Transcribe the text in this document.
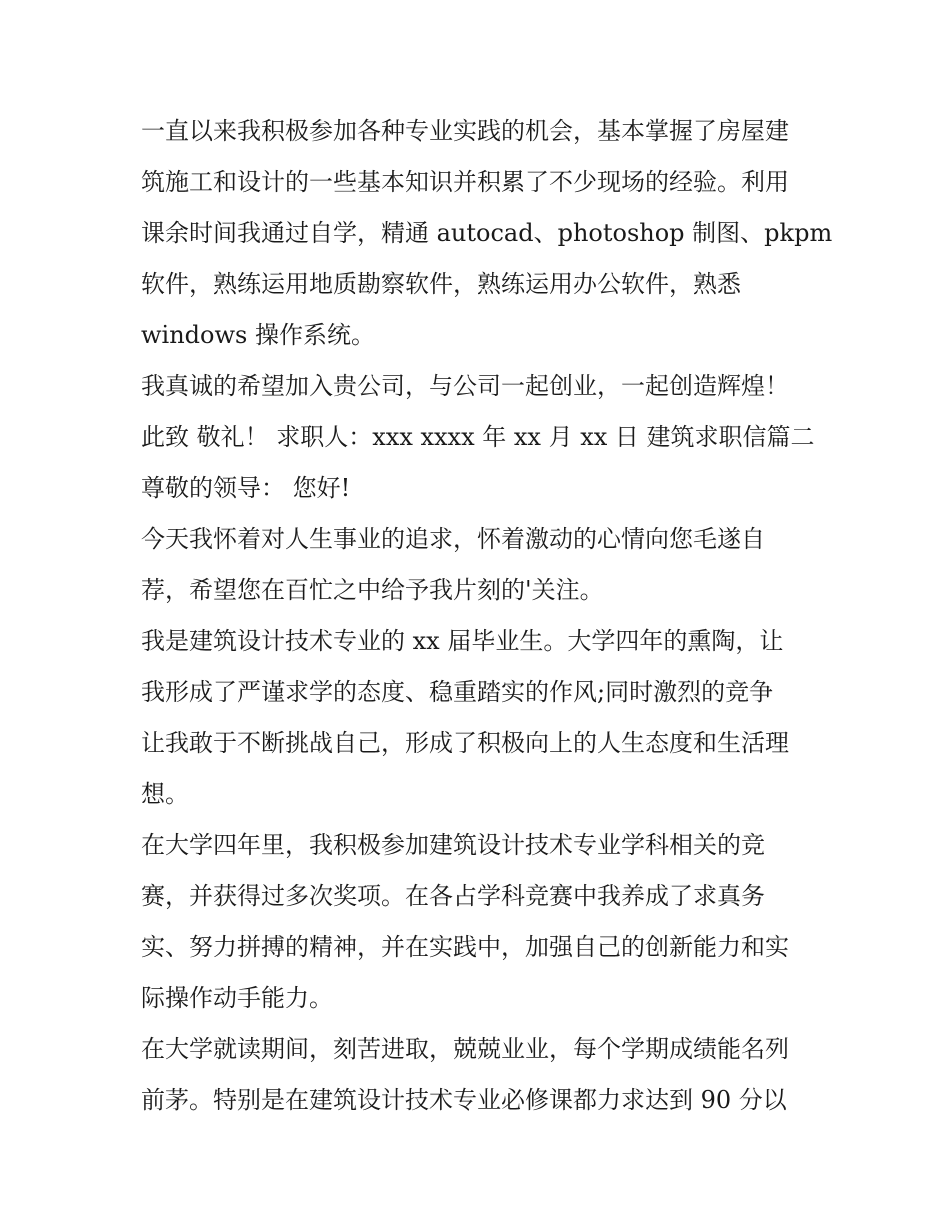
一直以来我积极参加各种专业实践的机会，基本掌握了房屋建
筑施工和设计的一些基本知识并积累了不少现场的经验。利用
课余时间我通过自学，精通 autocad、photoshop 制图、pkpm
软件，熟练运用地质勘察软件，熟练运用办公软件，熟悉
windows 操作系统。
我真诚的希望加入贵公司，与公司一起创业，一起创造辉煌！
此致 敬礼！ 求职人：xxx xxxx 年 xx 月 xx 日 建筑求职信篇二
尊敬的领导： 您好!
今天我怀着对人生事业的追求，怀着激动的心情向您毛遂自
荐，希望您在百忙之中给予我片刻的'关注。
我是建筑设计技术专业的 xx 届毕业生。大学四年的熏陶，让
我形成了严谨求学的态度、稳重踏实的作风;同时激烈的竞争
让我敢于不断挑战自己，形成了积极向上的人生态度和生活理
想。
在大学四年里，我积极参加建筑设计技术专业学科相关的竞
赛，并获得过多次奖项。在各占学科竞赛中我养成了求真务
实、努力拼搏的精神，并在实践中，加强自己的创新能力和实
际操作动手能力。
在大学就读期间，刻苦进取，兢兢业业，每个学期成绩能名列
前茅。特别是在建筑设计技术专业必修课都力求达到 90 分以
